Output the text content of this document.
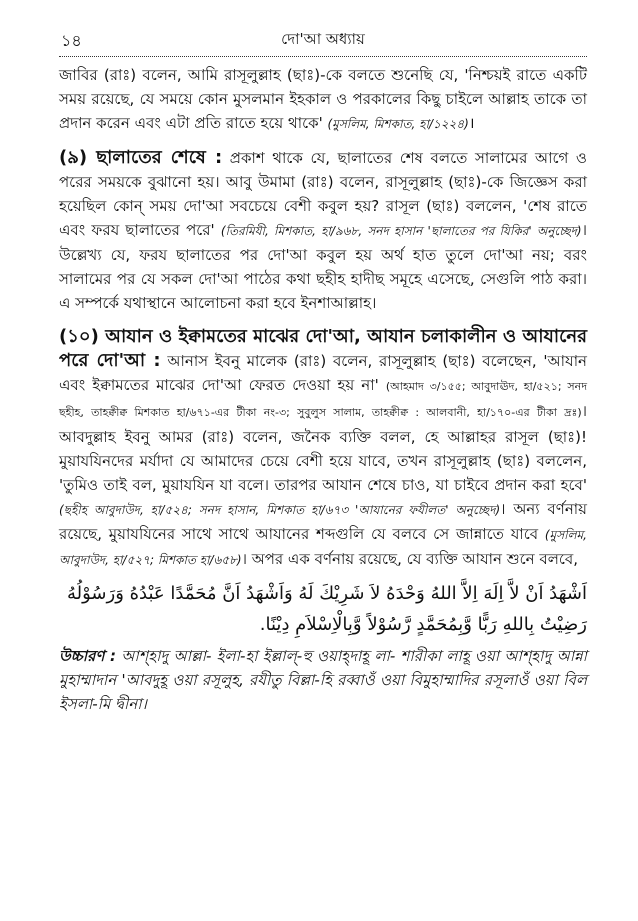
১৪	দো'আ অধ্যায়

জাবির (রাঃ) বলেন, আমি রাসূলুল্লাহ (ছাঃ)-কে বলতে শুনেছি যে, 'নিশ্চয়ই রাতে একটি সময় রয়েছে, যে সময়ে কোন মুসলমান ইহকাল ও পরকালের কিছু চাইলে আল্লাহ তাকে তা প্রদান করেন এবং এটা প্রতি রাতে হয়ে থাকে' (মুসলিম, মিশকাত, হা/১২২৪)।

(৯) ছালাতের শেষে : প্রকাশ থাকে যে, ছালাতের শেষ বলতে সালামের আগে ও পরের সময়কে বুঝানো হয়। আবু উমামা (রাঃ) বলেন, রাসূলুল্লাহ (ছাঃ)-কে জিজ্ঞেস করা হয়েছিল কোন্ সময় দো'আ সবচেয়ে বেশী কবুল হয়? রাসূল (ছাঃ) বললেন, 'শেষ রাতে এবং ফরয ছালাতের পরে' (তিরমিযী, মিশকাত, হা/৯৬৮, সনদ হাসান 'ছালাতের পর যিকির' অনুচ্ছেদ)। উল্লেখ্য যে, ফরয ছালাতের পর দো'আ কবুল হয় অর্থ হাত তুলে দো'আ নয়; বরং সালামের পর যে সকল দো'আ পাঠের কথা ছহীহ হাদীছ সমূহে এসেছে, সেগুলি পাঠ করা। এ সম্পর্কে যথাস্থানে আলোচনা করা হবে ইনশাআল্লাহ।

(১০) আযান ও ইক্বামতের মাঝের দো'আ, আযান চলাকালীন ও আযানের পরে দো'আ : আনাস ইবনু মালেক (রাঃ) বলেন, রাসূলুল্লাহ (ছাঃ) বলেছেন, 'আযান এবং ইক্বামতের মাঝের দো'আ ফেরত দেওয়া হয় না' (আহমাদ ৩/১৫৫; আবুদাঊদ, হা/৫২১; সনদ ছহীহ, তাহক্বীক্ব মিশকাত হা/৬৭১-এর টীকা নং-৩; সুবুলুস সালাম, তাহক্বীক্ব : আলবানী, হা/১৭০-এর টীকা দ্রঃ)। আবদুল্লাহ ইবনু আমর (রাঃ) বলেন, জনৈক ব্যক্তি বলল, হে আল্লাহর রাসূল (ছাঃ)! মুয়াযযিনদের মর্যাদা যে আমাদের চেয়ে বেশী হয়ে যাবে, তখন রাসূলুল্লাহ (ছাঃ) বললেন, 'তুমিও তাই বল, মুয়াযযিন যা বলে। তারপর আযান শেষে চাও, যা চাইবে প্রদান করা হবে' (ছহীহ আবুদাউদ, হা/৫২৪; সনদ হাসান, মিশকাত হা/৬৭৩ 'আযানের ফযীলত' অনুচ্ছেদ)। অন্য বর্ণনায় রয়েছে, মুয়াযযিনের সাথে সাথে আযানের শব্দগুলি যে বলবে সে জান্নাতে যাবে (মুসলিম, আবুদাউদ, হা/৫২৭; মিশকাত হা/৬৫৮)। অপর এক বর্ণনায় রয়েছে, যে ব্যক্তি আযান শুনে বলবে,

اَشْهَدُ اَنْ لاَّ اِلَهَ اِلاَّ اللهُ وَحْدَهُ لاَ شَرِيْكَ لَهُ وَاَشْهَدُ اَنَّ مُحَمَّدًا عَبْدُهُ وَرَسُوْلُهُ
رَضِيْتُ بِاللهِ رَبًّا وَّبِمُحَمَّدٍ رَّسُوْلاً وَّبِالْاِسْلاَمِ دِيْنًا.

উচ্চারণ : আশ্হাদু আল্লা- ইলা-হা ইল্লাল্-হু ওয়াহ্‌দাহূ লা- শারীকা লাহূ ওয়া আশ্হাদু আন্না মুহাম্মাদান 'আবদুহূ ওয়া রসূলুহ, রযীতু বিল্লা-হি রব্বাওঁ ওয়া বিমুহাম্মাদির রসূলাওঁ ওয়া বিল ইসলা-মি দ্বীনা।
